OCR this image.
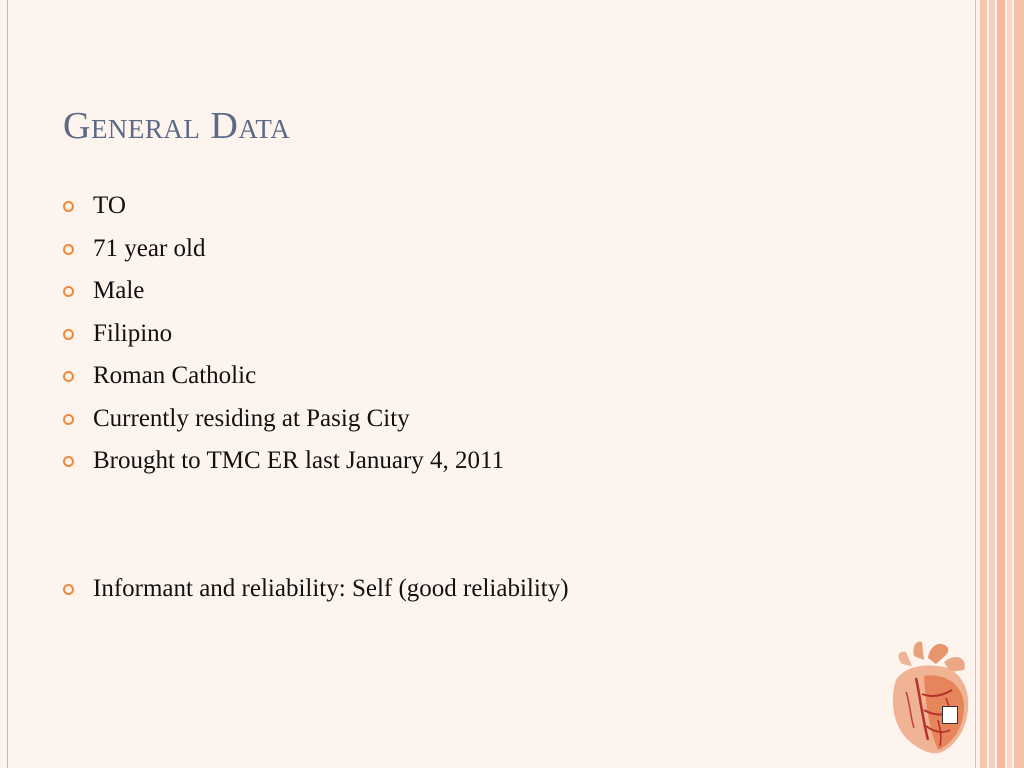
General Data
TO
71 year old
Male
Filipino
Roman Catholic
Currently residing at Pasig City
Brought to TMC ER last January 4, 2011
Informant and reliability: Self (good reliability)
